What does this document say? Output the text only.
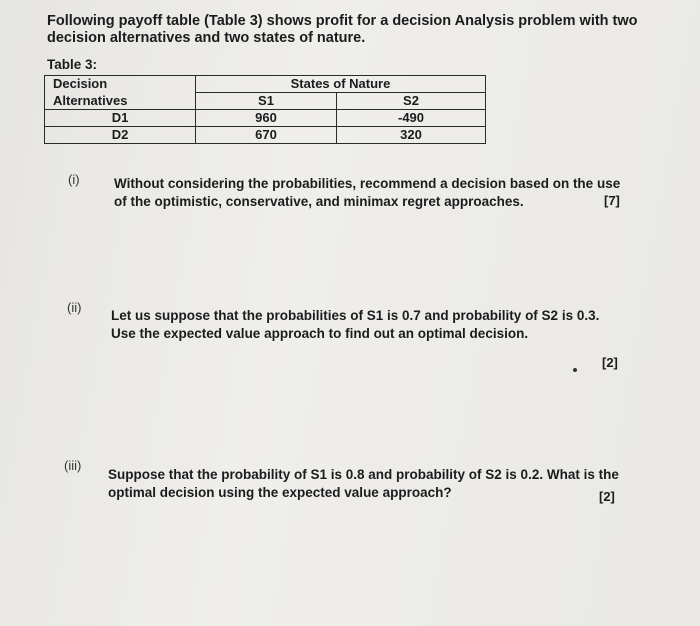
Following payoff table (Table 3) shows profit for a decision Analysis problem with two decision alternatives and two states of nature.
Table 3:
Decision	States of Nature	
Alternatives	S1	S2
D1	960	-490
D2	670	320
(i)	Without considering the probabilities, recommend a decision based on the use of the optimistic, conservative, and minimax regret approaches.	[7]
(ii)
Let us suppose that the probabilities of S1 is 0.7 and probability of S2 is 0.3. Use the expected value approach to find out an optimal decision.
[2]
(iii)
Suppose that the probability of S1 is 0.8 and probability of S2 is 0.2. What is the optimal decision using the expected value approach?	[2]
